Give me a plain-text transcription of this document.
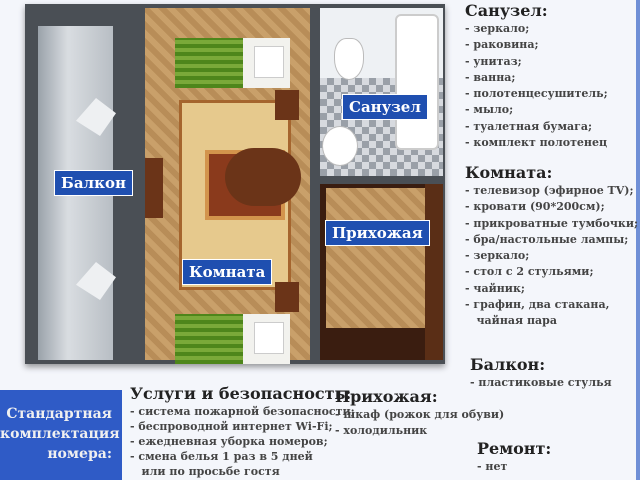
Балкон
Санузел
Прихожая
Комната
Санузел:
- зеркало;
- раковина;
- унитаз;
- ванна;
- полотенцесушитель;
- мыло;
- туалетная бумага;
- комплект полотенец
Комната:
- телевизор (эфирное TV);
- кровати (90*200см);
- прикроватные тумбочки;
- бра/настольные лампы;
- зеркало;
- стол с 2 стульями;
- чайник;
- графин, два стакана,
чайная пара
Балкон:
- пластиковые стулья
Стандартная
комплектация
номера:
Услуги и безопасность:
- система пожарной безопасности;
- беспроводной интернет Wi-Fi;
- ежедневная уборка номеров;
- смена белья 1 раз в 5 дней
или по просьбе гостя
Прихожая:
- шкаф (рожок для обуви)
- холодильник
Ремонт:
- нет
